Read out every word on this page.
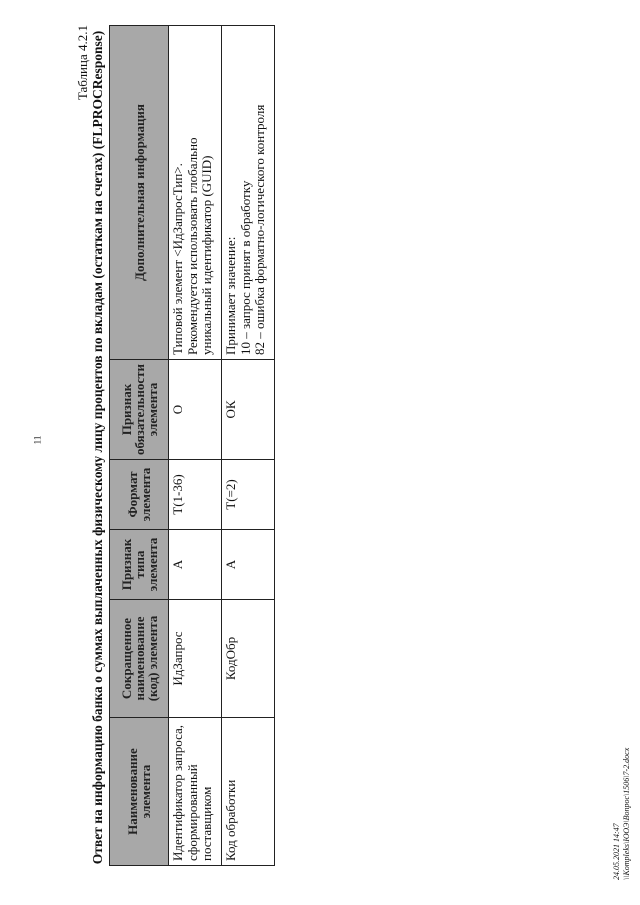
11
Таблица 4.2.1 Ответ на информацию банка о суммах выплаченных физическому лицу процентов по вкладам (остаткам на счетах) (FLPROCResponse) Наименование элемента	Сокращенное
наименование
(код) элемента	Признак
типа
элемента	Формат
элемента	Признак
обязательности
элемента	Дополнительная информация

Идентификатор запроса, сформированный поставщиком	ИдЗапрос	А	T(1-36)	О	Типовой элемент <ИдЗапросТип>. Рекомендуется использовать глобально уникальный идентификатор (GUID)

Код обработки	КодОбр	А	T(=2)	ОК	Принимает значение: 10 – запрос принят в обработку 82 – ошибка форматно-логического контроля
24.05.2021 14:47 \\Kompleks\ЮОЭ\Вопрос\1506\7-2.docx
